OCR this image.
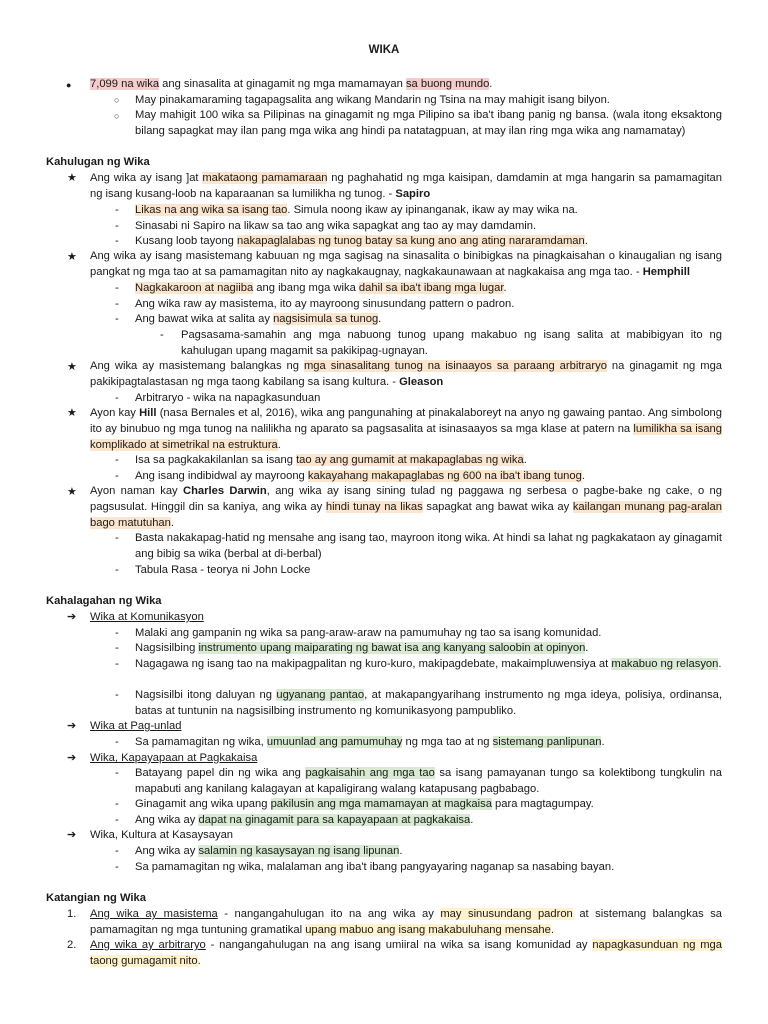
WIKA
● 7,099 na wika ang sinasalita at ginagamit ng mga mamamayan sa buong mundo.
○ May pinakamaraming tagapagsalita ang wikang Mandarin ng Tsina na may mahigit isang bilyon.
○ May mahigit 100 wika sa Pilipinas na ginagamit ng mga Pilipino sa iba't ibang panig ng bansa. (wala itong eksaktong bilang sapagkat may ilan pang mga wika ang hindi pa natatagpuan, at may ilan ring mga wika ang namamatay)
Kahulugan ng Wika
★ Ang wika ay isang ]at makataong pamamaraan ng paghahatid ng mga kaisipan, damdamin at mga hangarin sa pamamagitan ng isang kusang-loob na kaparaanan sa lumilikha ng tunog. - Sapiro
- Likas na ang wika sa isang tao. Simula noong ikaw ay ipinanganak, ikaw ay may wika na.
- Sinasabi ni Sapiro na likaw sa tao ang wika sapagkat ang tao ay may damdamin.
- Kusang loob tayong nakapaglalabas ng tunog batay sa kung ano ang ating nararamdaman.
★ Ang wika ay isang masistemang kabuuan ng mga sagisag na sinasalita o binibigkas na pinagkaisahan o kinaugalian ng isang pangkat ng mga tao at sa pamamagitan nito ay nagkakaugnay, nagkakaunawaan at nagkakaisa ang mga tao. - Hemphill
- Nagkakaroon at nagiiba ang ibang mga wika dahil sa iba't ibang mga lugar.
- Ang wika raw ay masistema, ito ay mayroong sinusundang pattern o padron.
- Ang bawat wika at salita ay nagsisimula sa tunog.
- Pagsasama-samahin ang mga nabuong tunog upang makabuo ng isang salita at mabibigyan ito ng kahulugan upang magamit sa pakikipag-ugnayan.
★ Ang wika ay masistemang balangkas ng mga sinasalitang tunog na isinaayos sa paraang arbitraryo na ginagamit ng mga pakikipagtalastasan ng mga taong kabilang sa isang kultura. - Gleason
- Arbitraryo - wika na napagkasunduan
★ Ayon kay Hill (nasa Bernales et al, 2016), wika ang pangunahing at pinakalaboreyt na anyo ng gawaing pantao. Ang simbolong ito ay binubuo ng mga tunog na nalilikha ng aparato sa pagsasalita at isinasaayos sa mga klase at patern na lumilikha sa isang komplikado at simetrikal na estruktura.
- Isa sa pagkakakilanlan sa isang tao ay ang gumamit at makapaglabas ng wika.
- Ang isang indibidwal ay mayroong kakayahang makapaglabas ng 600 na iba't ibang tunog.
★ Ayon naman kay Charles Darwin, ang wika ay isang sining tulad ng paggawa ng serbesa o pagbe-bake ng cake, o ng pagsusulat. Hinggil din sa kaniya, ang wika ay hindi tunay na likas sapagkat ang bawat wika ay kailangan munang pag-aralan bago matutuhan.
- Basta nakakapag-hatid ng mensahe ang isang tao, mayroon itong wika. At hindi sa lahat ng pagkakataon ay ginagamit ang bibig sa wika (berbal at di-berbal)
- Tabula Rasa - teorya ni John Locke
Kahalagahan ng Wika
➔ Wika at Komunikasyon
- Malaki ang gampanin ng wika sa pang-araw-araw na pamumuhay ng tao sa isang komunidad.
- Nagsisilbing instrumento upang maiparating ng bawat isa ang kanyang saloobin at opinyon.
- Nagagawa ng isang tao na makipagpalitan ng kuro-kuro, makipagdebate, makaimpluwensiya at makabuo ng relasyon.
- Nagsisilbi itong daluyan ng ugyanang pantao, at makapangyarihang instrumento ng mga ideya, polisiya, ordinansa, batas at tuntunin na nagsisilbing instrumento ng komunikasyong pampubliko.
➔ Wika at Pag-unlad
- Sa pamamagitan ng wika, umuunlad ang pamumuhay ng mga tao at ng sistemang panlipunan.
➔ Wika, Kapayapaan at Pagkakaisa
- Batayang papel din ng wika ang pagkaisahin ang mga tao sa isang pamayanan tungo sa kolektibong tungkulin na mapabuti ang kanilang kalagayan at kapaligirang walang katapusang pagbabago.
- Ginagamit ang wika upang pakilusin ang mga mamamayan at magkaisa para magtagumpay.
- Ang wika ay dapat na ginagamit para sa kapayapaan at pagkakaisa.
➔ Wika, Kultura at Kasaysayan
- Ang wika ay salamin ng kasaysayan ng isang lipunan.
- Sa pamamagitan ng wika, malalaman ang iba't ibang pangyayaring naganap sa nasabing bayan.
Katangian ng Wika
1. Ang wika ay masistema - nangangahulugan ito na ang wika ay may sinusundang padron at sistemang balangkas sa pamamagitan ng mga tuntuning gramatikal upang mabuo ang isang makabuluhang mensahe.
2. Ang wika ay arbitraryo - nangangahulugan na ang isang umiiral na wika sa isang komunidad ay napagkasunduan ng mga taong gumagamit nito.
